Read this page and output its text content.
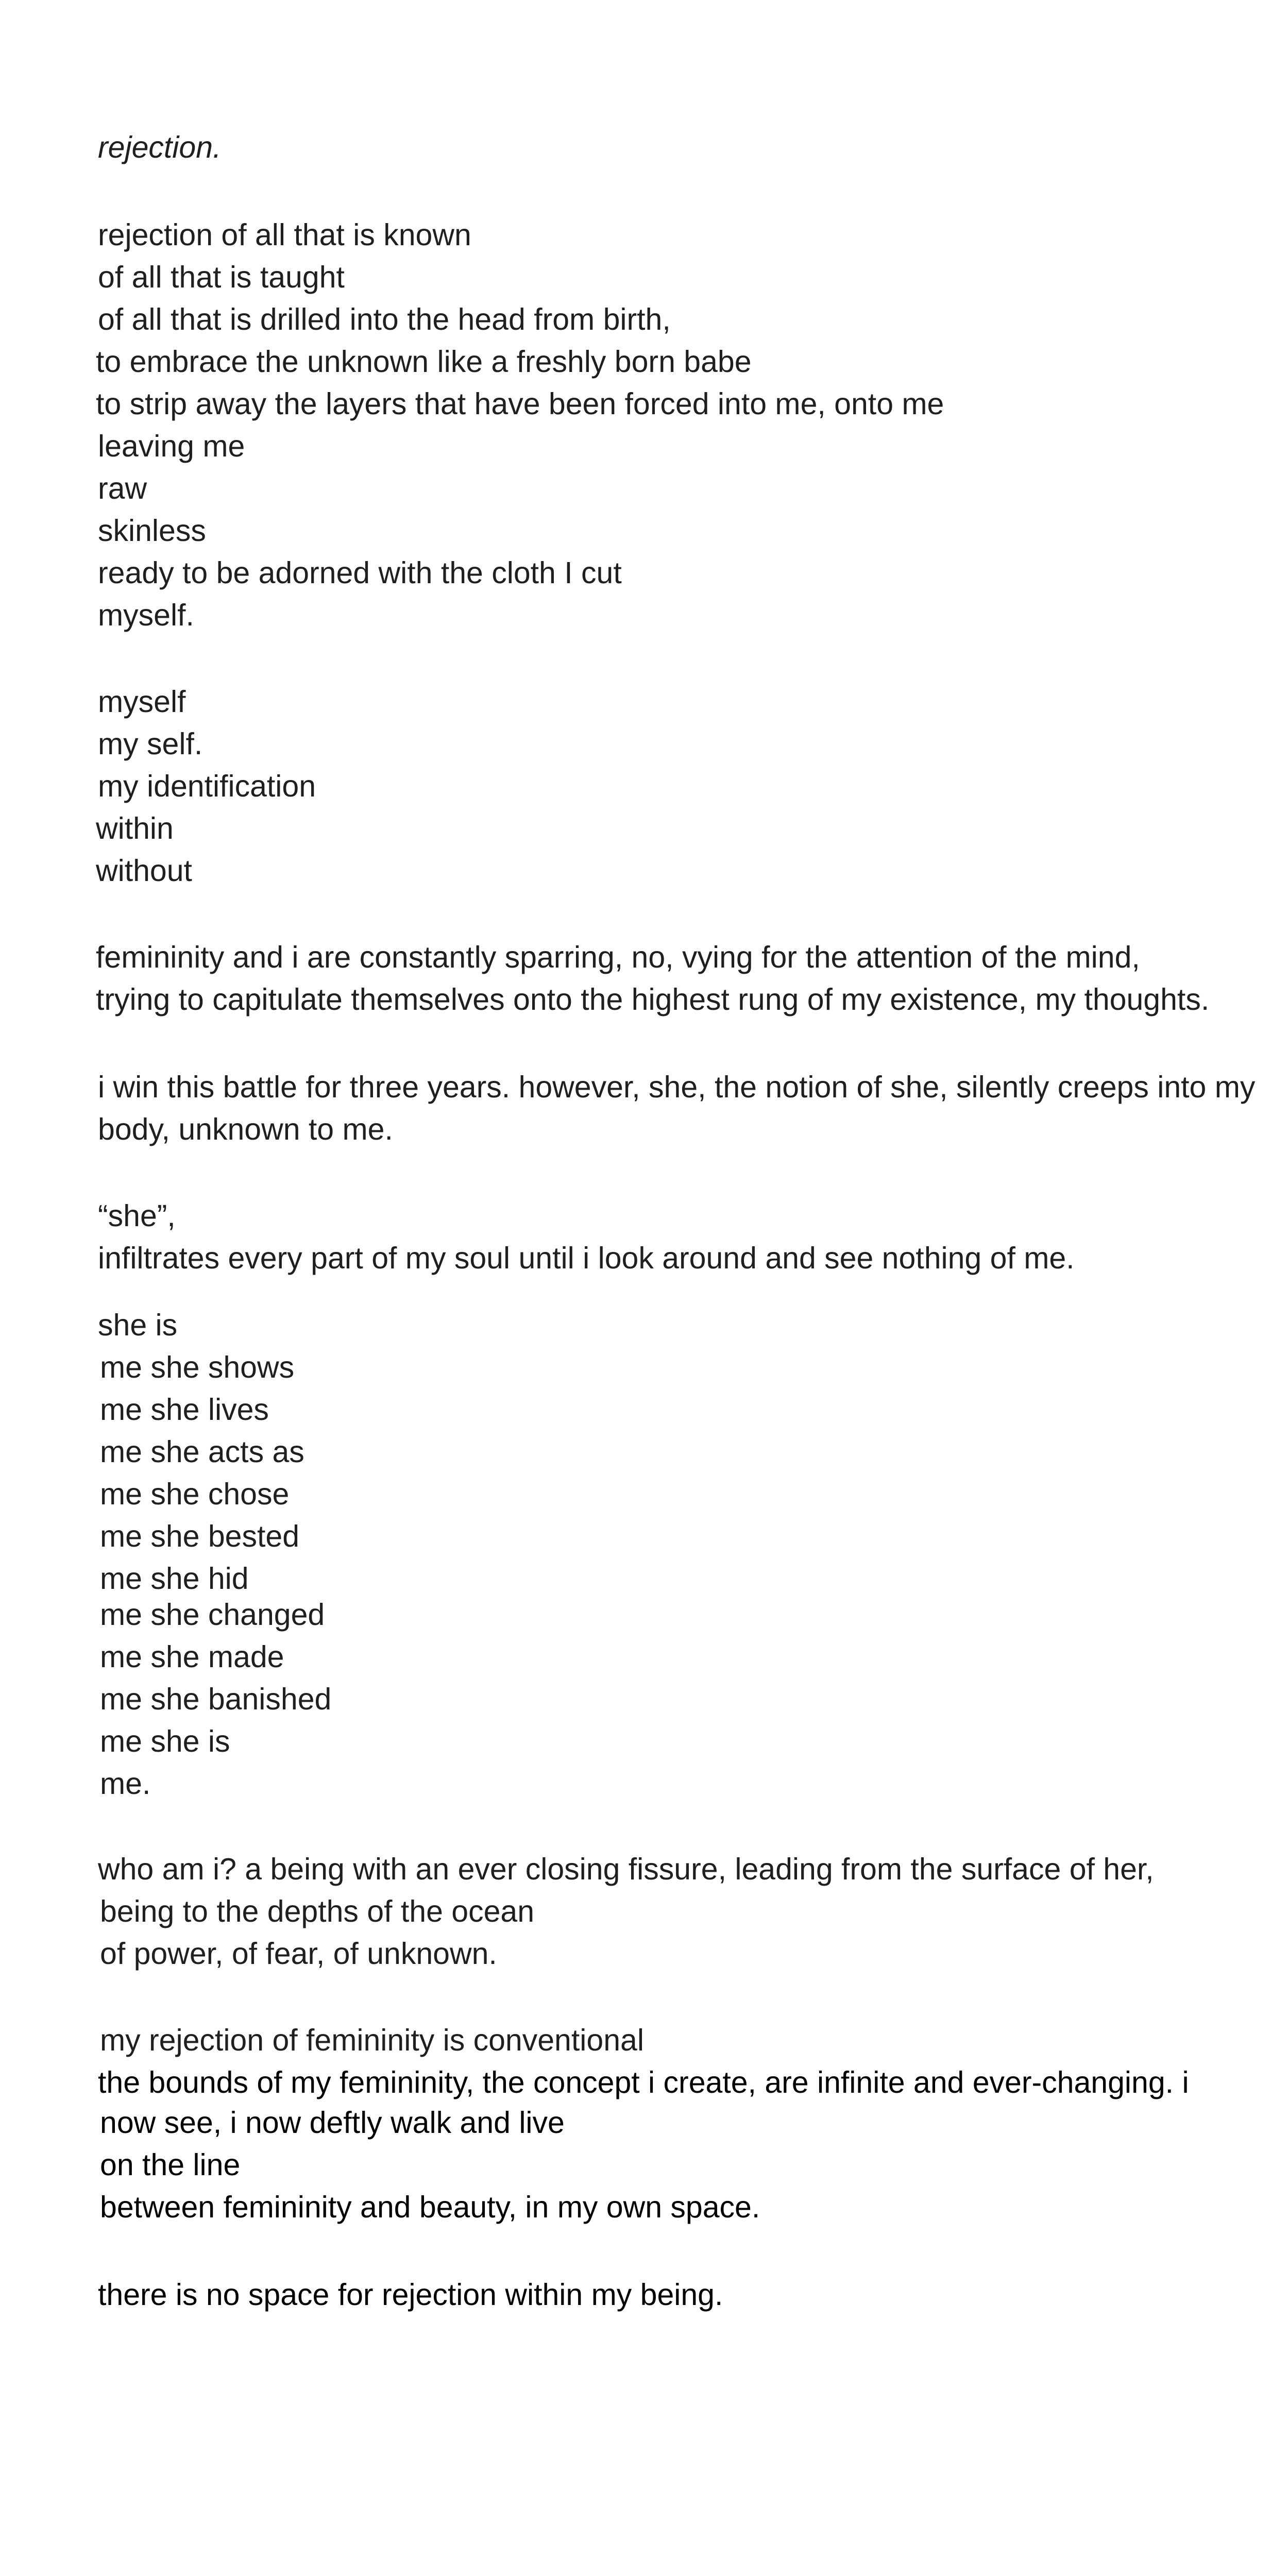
rejection.
rejection of all that is known
of all that is taught
of all that is drilled into the head from birth,
to embrace the unknown like a freshly born babe
to strip away the layers that have been forced into me, onto me
leaving me
raw
skinless
ready to be adorned with the cloth I cut
myself.
myself
my self.
my identification
within
without
femininity and i are constantly sparring, no, vying for the attention of the mind,
trying to capitulate themselves onto the highest rung of my existence, my thoughts.
i win this battle for three years. however, she, the notion of she, silently creeps into my
body, unknown to me.
“she”,
infiltrates every part of my soul until i look around and see nothing of me.
she is
me she shows
me she lives
me she acts as
me she chose
me she bested
me she hid
me she changed
me she made
me she banished
me she is
me.
who am i? a being with an ever closing fissure, leading from the surface of her,
being to the depths of the ocean
of power, of fear, of unknown.
my rejection of femininity is conventional
the bounds of my femininity, the concept i create, are infinite and ever-changing. i
now see, i now deftly walk and live
on the line
between femininity and beauty, in my own space.
there is no space for rejection within my being.
